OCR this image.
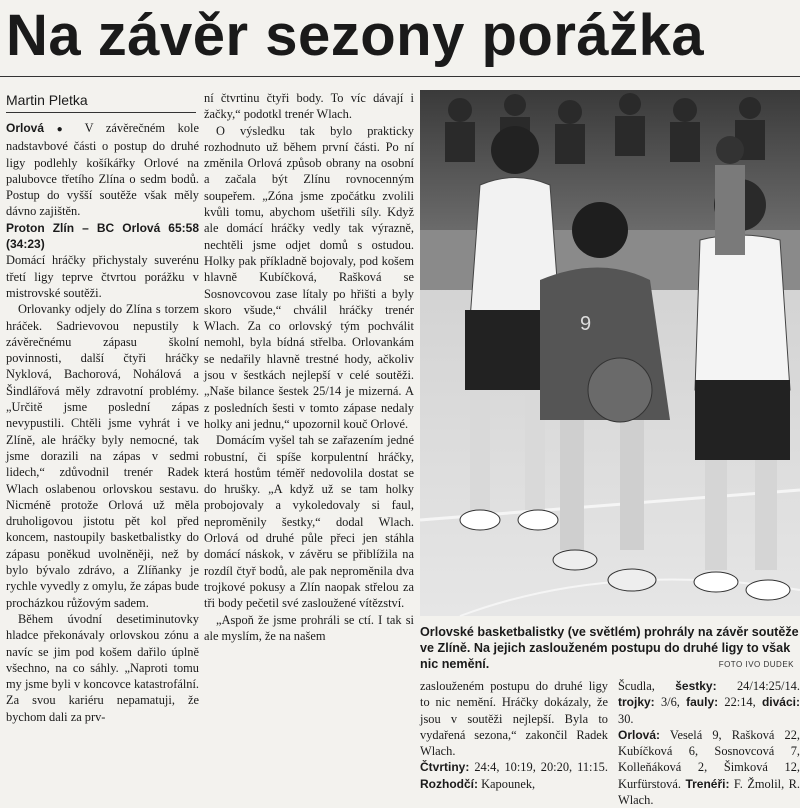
Na závěr sezony porážka
Martin Pletka

Orlová ● V závěrečném kole nadstavbové části o postup do druhé ligy podlehly košíkářky Orlové na palubovce třetího Zlína o sedm bodů. Postup do vyšší soutěže však měly dávno zajištěn.

Proton Zlín – BC Orlová 65:58 (34:23)

Domácí hráčky přichystaly suverénu třetí ligy teprve čtvrtou porážku v mistrovské soutěži.

Orlovanky odjely do Zlína s torzem hráček. Sadrievovou nepustily k závěrečnému zápasu školní povinnosti, další čtyři hráčky Nyklová, Bachorová, Nohálová a Šindlářová měly zdravotní problémy. „Určitě jsme poslední zápas nevypustili. Chtěli jsme vyhrát i ve Zlíně, ale hráčky byly nemocné, tak jsme dorazili na zápas v sedmi lidech,“ zdůvodnil trenér Radek Wlach oslabenou orlovskou sestavu. Nicméně protože Orlová už měla druholigovou jistotu pět kol před koncem, nastoupily basketbalistky do zápasu poněkud uvolněněji, než by bylo bývalo zdrávo, a Zlíňanky je rychle vyvedly z omylu, že zápas bude procházkou růžovým sadem.

Během úvodní desetiminutovky hladce překonávaly orlovskou zónu a navíc se jim pod košem dařilo úplně všechno, na co sáhly. „Naproti tomu my jsme byli v koncovce katastrofální. Za svou kariéru nepamatuji, že bychom dali za prv-

ní čtvrtinu čtyři body. To víc dávají i žačky,“ podotkl trenér Wlach.

O výsledku tak bylo prakticky rozhodnuto už během první části. Po ní změnila Orlová způsob obrany na osobní a začala být Zlínu rovnocenným soupeřem. „Zóna jsme zpočátku zvolili kvůli tomu, abychom ušetřili síly. Když ale domácí hráčky vedly tak výrazně, nechtěli jsme odjet domů s ostudou. Holky pak příkladně bojovaly, pod košem hlavně Kubíčková, Rašková se Sosnovcovou zase lítaly po hřišti a byly skoro všude,“ chválil hráčky trenér Wlach. Za co orlovský tým pochválit nemohl, byla bídná střelba. Orlovankám se nedařily hlavně trestné hody, ačkoliv jsou v šestkách nejlepší v celé soutěži. „Naše bilance šestek 25/14 je mizerná. A z posledních šesti v tomto zápase nedaly holky ani jednu,“ upozornil kouč Orlové.

Domácím vyšel tah se zařazením jedné robustní, či spíše korpulentní hráčky, která hostům téměř nedovolila dostat se do hrušky. „A když už se tam holky probojovaly a vykoledovaly si faul, neproměnily šestky,“ dodal Wlach. Orlová od druhé půle přeci jen stáhla domácí náskok, v závěru se přiblížila na rozdíl čtyř bodů, ale pak neproměnila dva trojkové pokusy a Zlín naopak střelou za tři body pečetil své zasloužené vítězství.

„Aspoň že jsme prohráli se ctí. I tak si ale myslím, že na našem

9
Orlovské basketbalistky (ve světlém) prohrály na závěr soutěže
ve Zlíně. Na jejich zaslouženém postupu do druhé ligy to však
nic nemění.	FOTO IVO DUDEK

zaslouženém postupu do druhé ligy to nic nemění. Hráčky dokázaly, že jsou v soutěži nejlepší. Byla to vydařená sezona,“ zakončil Radek Wlach.

Čtvrtiny: 24:4, 10:19, 20:20, 11:15. Rozhodčí: Kapounek,

Šcudla, šestky: 24/14:25/14. trojky: 3/6, fauly: 22:14, diváci: 30.

Orlová: Veselá 9, Rašková 22, Kubíčková 6, Sosnovcová 7, Kolleňáková 2, Šimková 12, Kurfürstová. Trenéři: F. Žmolil, R. Wlach.
